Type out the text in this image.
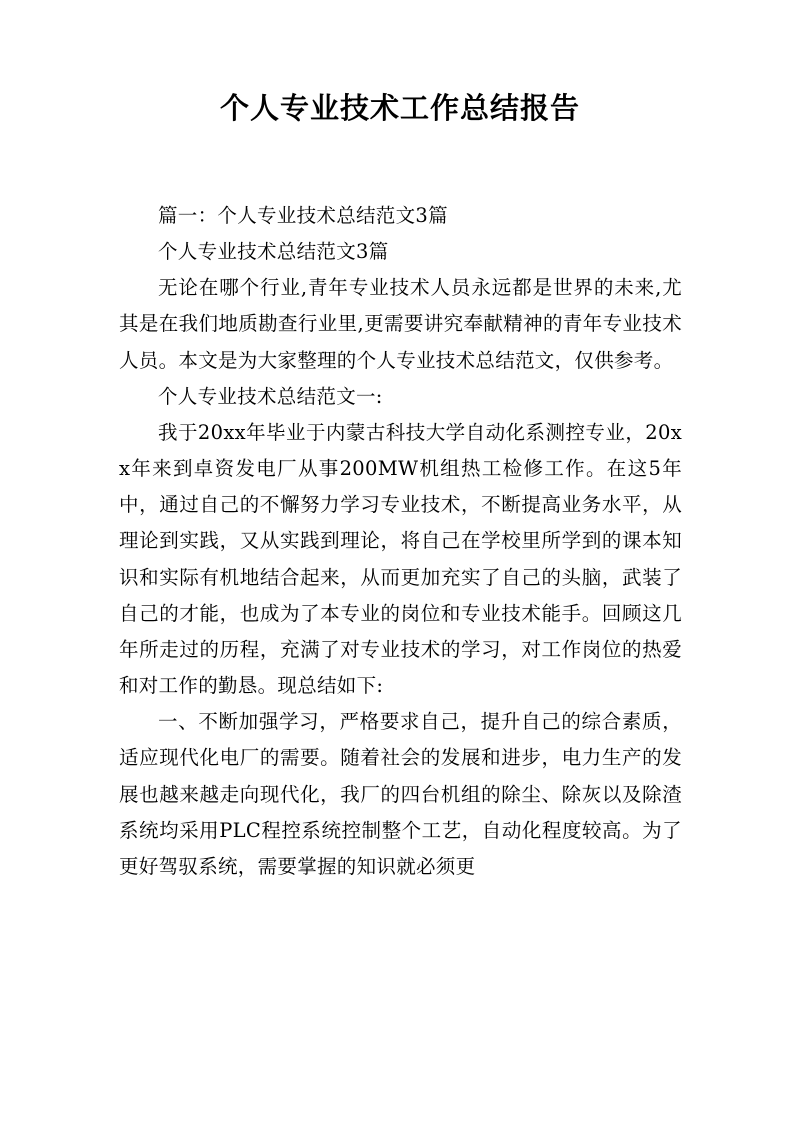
个人专业技术工作总结报告

篇一：个人专业技术总结范文3篇

个人专业技术总结范文3篇

无论在哪个行业,青年专业技术人员永远都是世界的未来,尤其是在我们地质勘查行业里,更需要讲究奉献精神的青年专业技术人员。本文是为大家整理的个人专业技术总结范文，仅供参考。

个人专业技术总结范文一:

我于20xx年毕业于内蒙古科技大学自动化系测控专业，20xx年来到卓资发电厂从事200MW机组热工检修工作。在这5年中，通过自己的不懈努力学习专业技术，不断提高业务水平，从理论到实践，又从实践到理论，将自己在学校里所学到的课本知识和实际有机地结合起来，从而更加充实了自己的头脑，武装了自己的才能，也成为了本专业的岗位和专业技术能手。回顾这几年所走过的历程，充满了对专业技术的学习，对工作岗位的热爱和对工作的勤恳。现总结如下:

一、不断加强学习，严格要求自己，提升自己的综合素质，适应现代化电厂的需要。随着社会的发展和进步，电力生产的发展也越来越走向现代化，我厂的四台机组的除尘、除灰以及除渣系统均采用PLC程控系统控制整个工艺，自动化程度较高。为了更好驾驭系统，需要掌握的知识就必须更
